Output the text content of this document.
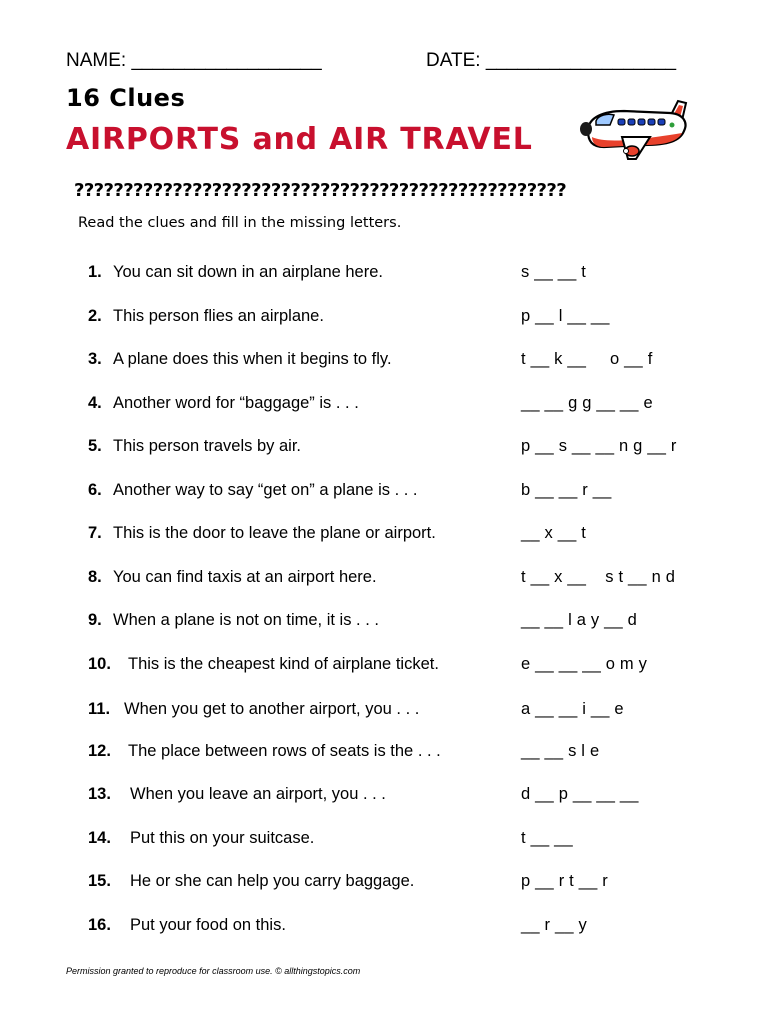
NAME: __________________	DATE: __________________
16 Clues
AIRPORTS and AIR TRAVEL
??????????????????????????????????????????????????
Read the clues and fill in the missing letters.
1. You can sit down in an airplane here.	s __ __ t
2. This person flies an airplane.	p __ l __ __
3. A plane does this when it begins to fly.	t __ k __     o __ f
4. Another word for “baggage” is . . .	__ __ g g __ __ e
5. This person travels by air.	p __ s __ __ n g __ r
6. Another way to say “get on” a plane is . . .	b __ __ r __
7. This is the door to leave the plane or airport.	__ x __ t
8. You can find taxis at an airport here.	t __ x __    s t __ n d
9. When a plane is not on time, it is . . .	__ __ l a y __ d
10. This is the cheapest kind of airplane ticket.	e __ __ __ o m y
11. When you get to another airport, you . . .	a __ __ i __ e
12. The place between rows of seats is the . . .	__ __ s l e
13. When you leave an airport, you . . .	d __ p __ __ __
14. Put this on your suitcase.	t __ __
15. He or she can help you carry baggage.	p __ r t __ r
16. Put your food on this.	__ r __ y
Permission granted to reproduce for classroom use. © allthingstopics.com
